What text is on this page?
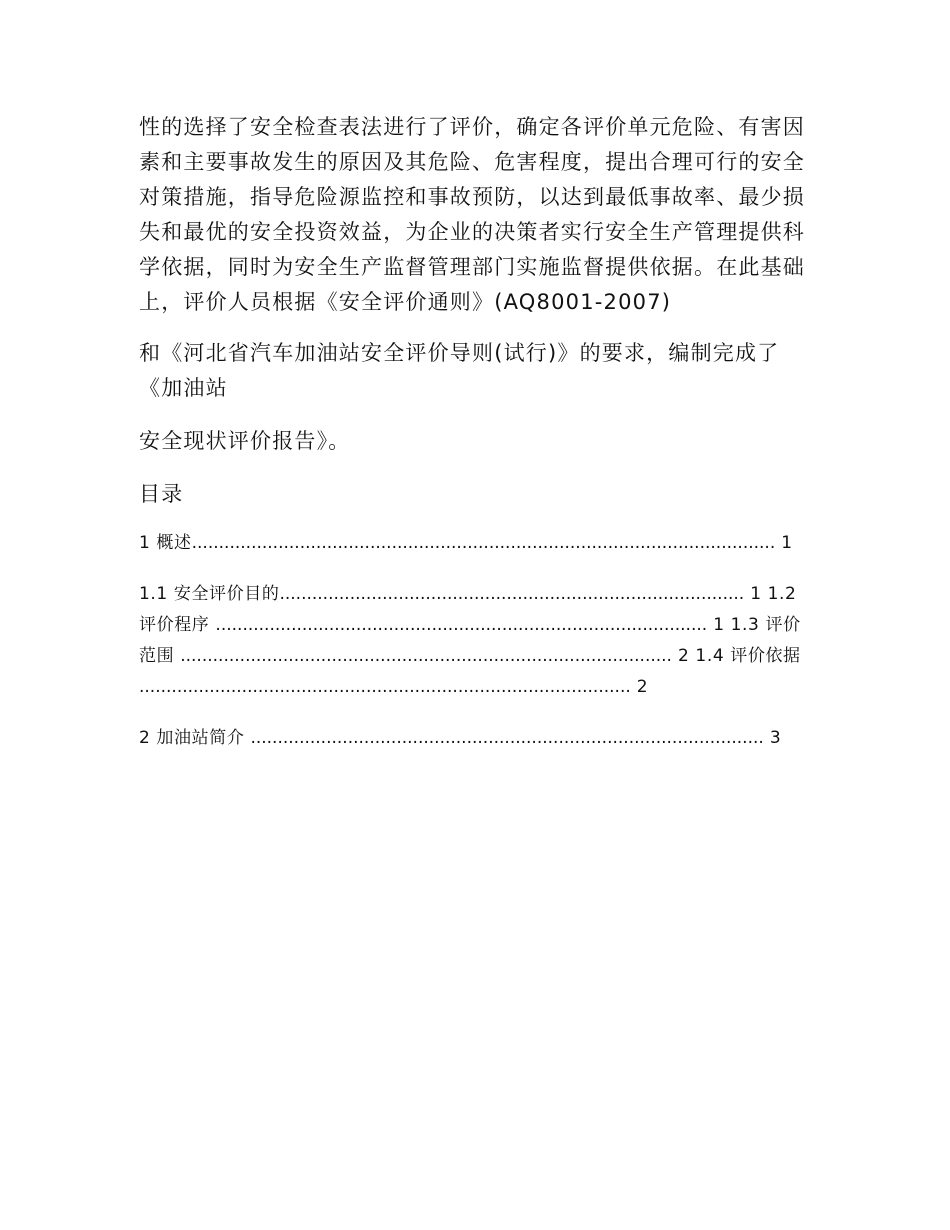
性的选择了安全检查表法进行了评价，确定各评价单元危险、有害因素和主要事故发生的原因及其危险、危害程度，提出合理可行的安全对策措施，指导危险源监控和事故预防，以达到最低事故率、最少损失和最优的安全投资效益，为企业的决策者实行安全生产管理提供科学依据，同时为安全生产监督管理部门实施监督提供依据。在此基础上，评价人员根据《安全评价通则》(AQ8001-2007)

和《河北省汽车加油站安全评价导则(试行)》的要求，编制完成了《加油站

安全现状评价报告》。

目录

1 概述............................................................................................................ 1

1.1 安全评价目的...................................................................................... 1 1.2 评价程序 ........................................................................................... 1 1.3 评价范围 ........................................................................................... 2 1.4 评价依据 ........................................................................................... 2

2 加油站简介 ............................................................................................... 3
